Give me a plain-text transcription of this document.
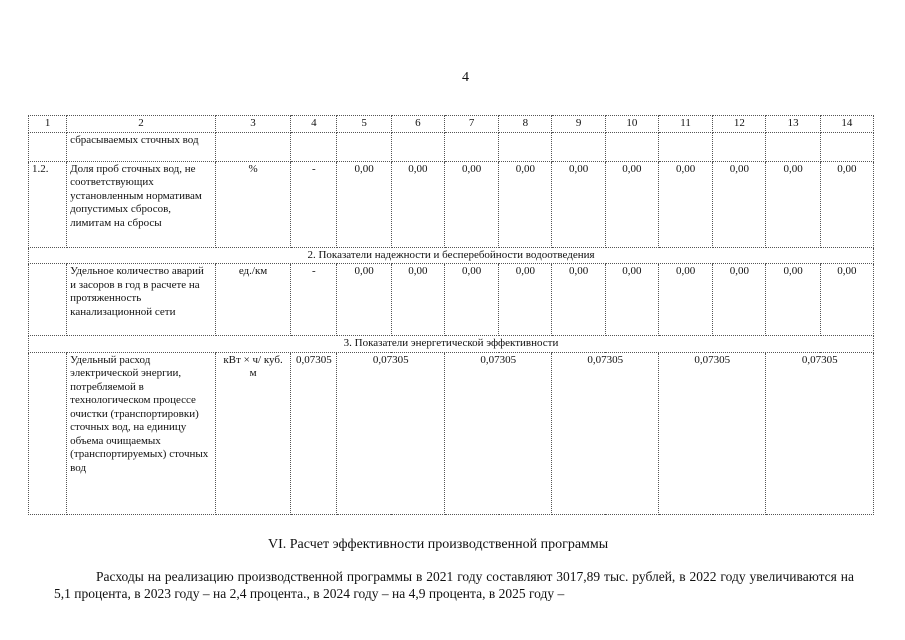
4
1	2	3	4	5	6	7	8	9	10	11	12	13	14
	сбрасываемых сточных вод												
1.2.	Доля проб сточных вод, не соответствующих установленным нормативам допустимых сбросов, лимитам на сбросы	%	-	0,00	0,00	0,00	0,00	0,00	0,00	0,00	0,00	0,00	0,00
2. Показатели надежности и бесперебойности водоотведения													
	Удельное количество аварий и засоров в год в расчете на протяженность канализационной сети	ед./км	-	0,00	0,00	0,00	0,00	0,00	0,00	0,00	0,00	0,00	0,00
3. Показатели энергетической эффективности													
	Удельный расход электрической энергии, потребляемой в технологическом процессе очистки (транспортировки) сточных вод, на единицу объема очищаемых (транспортируемых) сточных вод	кВт × ч/ куб. м	0,07305	0,07305		0,07305		0,07305		0,07305		0,07305	
VI. Расчет эффективности производственной программы
Расходы на реализацию производственной программы в 2021 году составляют 3017,89 тыс. рублей, в 2022 году увеличиваются на 5,1 процента, в 2023 году – на 2,4 процента., в 2024 году – на 4,9 процента, в 2025 году –
